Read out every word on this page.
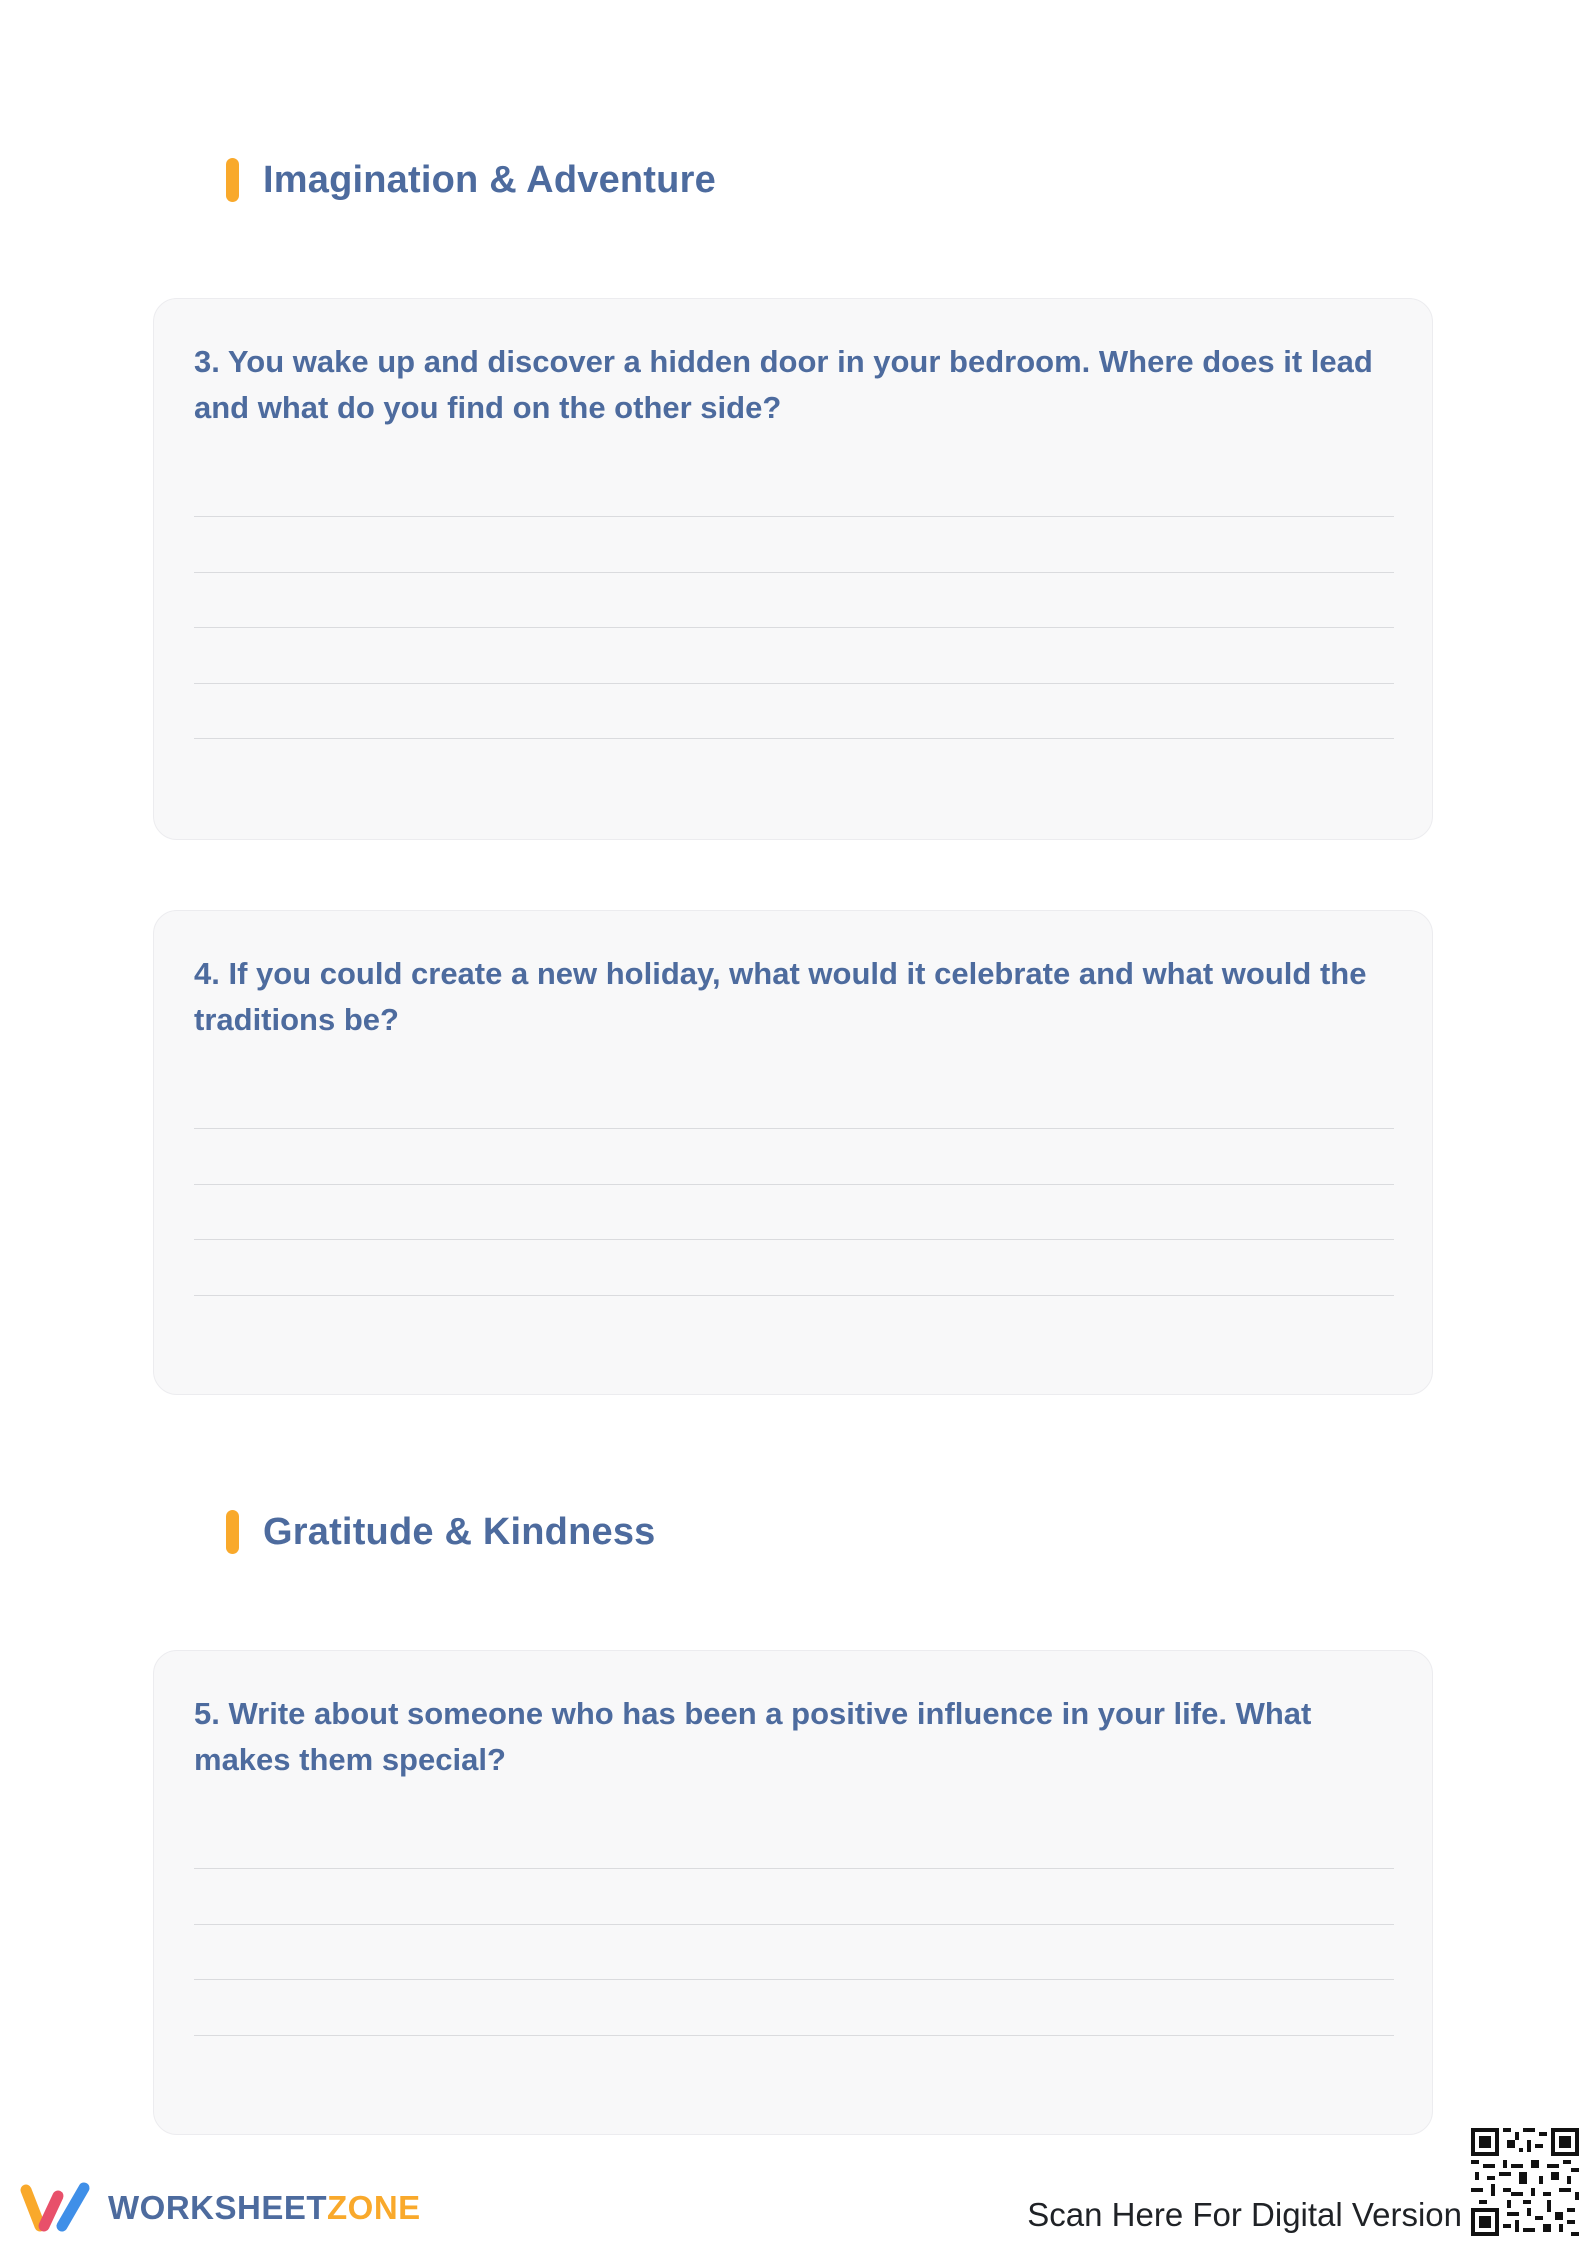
Imagination & Adventure
3. You wake up and discover a hidden door in your bedroom. Where does it lead and what do you find on the other side?
4. If you could create a new holiday, what would it celebrate and what would the traditions be?
Gratitude & Kindness
5. Write about someone who has been a positive influence in your life. What makes them special?
WORKSHEETZONE	Scan Here For Digital Version
